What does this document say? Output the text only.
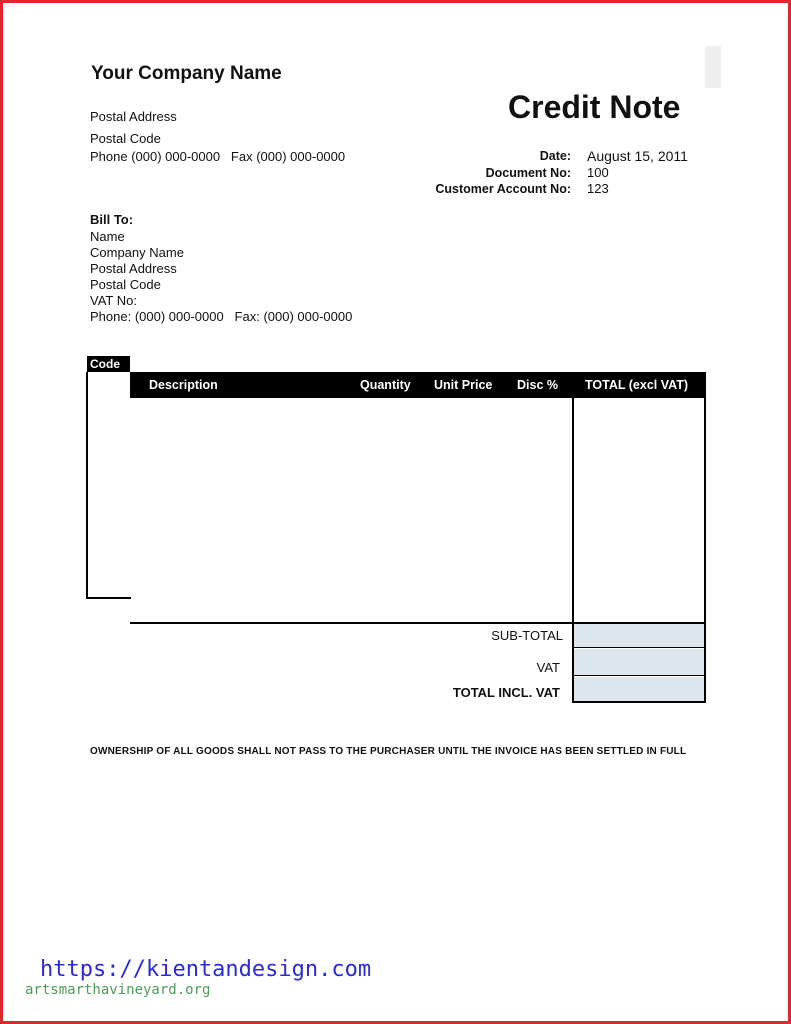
Your Company Name
Postal Address
Postal Code
Phone (000) 000-0000   Fax (000) 000-0000
Credit Note
Date: August 15, 2011
Document No: 100
Customer Account No: 123
Bill To:
Name
Company Name
Postal Address
Postal Code
VAT No:
Phone: (000) 000-0000   Fax: (000) 000-0000
Code
Description	Quantity Unit Price Disc % TOTAL (excl VAT)
SUB-TOTAL
VAT
TOTAL INCL. VAT
OWNERSHIP OF ALL GOODS SHALL NOT PASS TO THE PURCHASER UNTIL THE INVOICE HAS BEEN SETTLED IN FULL
artsmarthavineyard.org
https://kientandesign.com
